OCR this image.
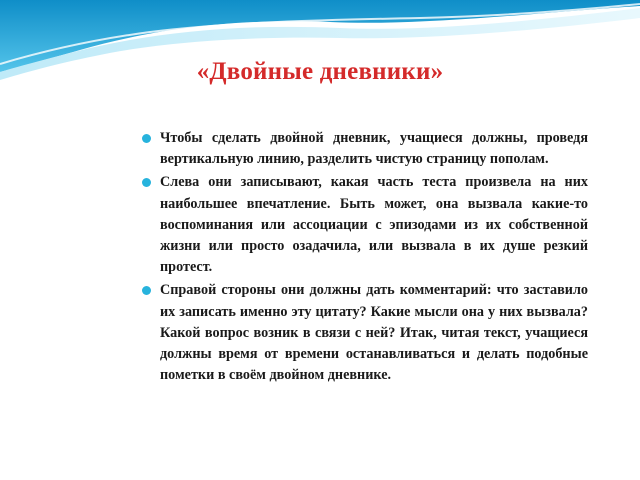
«Двойные дневники»
Чтобы сделать двойной дневник, учащиеся должны, проведя вертикальную линию, разделить чистую страницу пополам.
Слева они записывают, какая часть теста произвела на них наибольшее впечатление. Быть может, она вызвала какие-то воспоминания или ассоциации с эпизодами из их собственной жизни или просто озадачила, или вызвала в их душе резкий протест.
Справой стороны они должны дать комментарий: что заставило их записать именно эту цитату? Какие мысли она у них вызвала? Какой вопрос возник в связи с ней? Итак, читая текст, учащиеся должны время от времени останавливаться и делать подобные пометки в своём двойном дневнике.
